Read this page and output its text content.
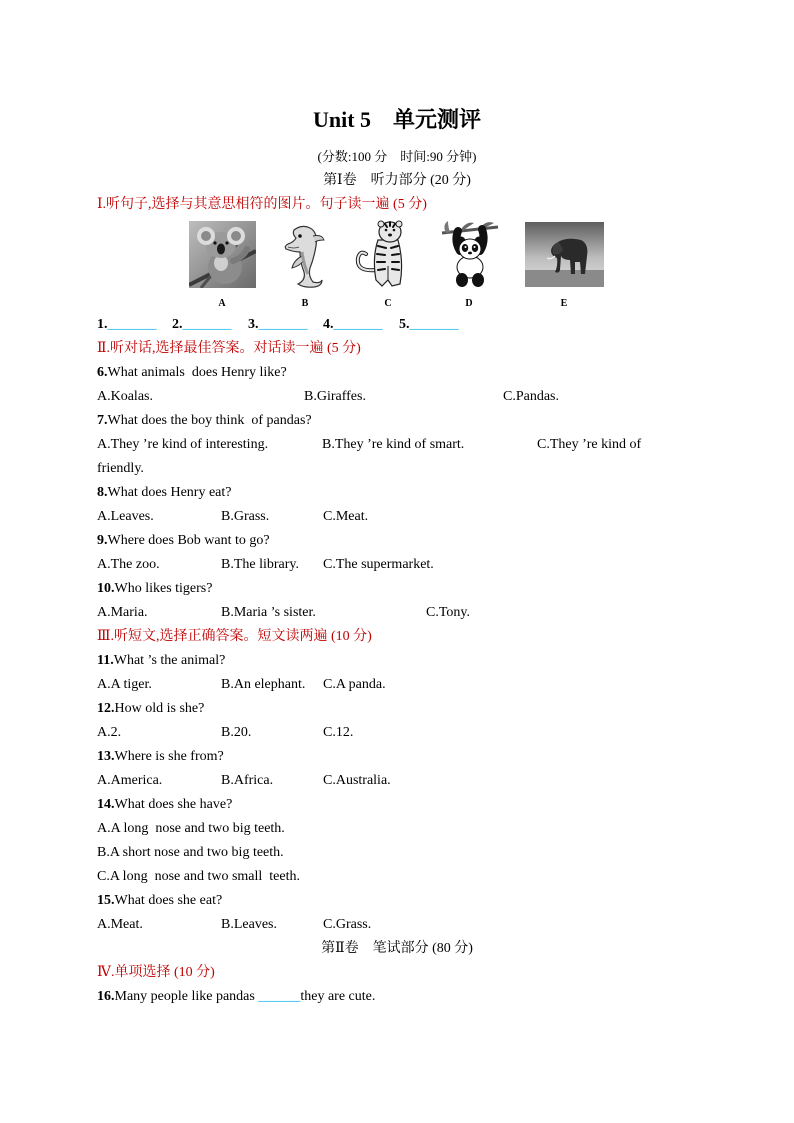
Unit 5　单元测评
(分数:100 分　时间:90 分钟)
第Ⅰ卷　听力部分 (20 分)
Ⅰ.听句子,选择与其意思相符的图片。句子读一遍 (5 分)
A	B	C	D	E
1._______ 2._______ 3._______ 4._______ 5._______
Ⅱ.听对话,选择最佳答案。对话读一遍 (5 分)
6.What animals  does Henry like?
A.Koalas.	B.Giraffes.	C.Pandas.
7.What does the boy think  of pandas?
A.They ’re kind of interesting.	B.They ’re kind of smart.	C.They ’re kind of
friendly.
8.What does Henry eat?
A.Leaves.	B.Grass.	C.Meat.
9.Where does Bob want to go?
A.The zoo.	B.The library. C.The supermarket.
10.Who likes tigers?
A.Maria.	B.Maria ’s sister.	C.Tony.
Ⅲ.听短文,选择正确答案。短文读两遍 (10 分)
11.What ’s the animal?
A.A tiger.	B.An elephant. C.A panda.
12.How old is she?
A.2.	B.20.	C.12.
13.Where is she from?
A.America.	B.Africa.	C.Australia.
14.What does she have?
A.A long  nose and two big teeth.
B.A short nose and two big teeth.
C.A long  nose and two small  teeth.
15.What does she eat?
A.Meat.	B.Leaves.	C.Grass.
第Ⅱ卷　笔试部分 (80 分)
Ⅳ.单项选择 (10 分)
16.Many people like pandas ______they are cute.
